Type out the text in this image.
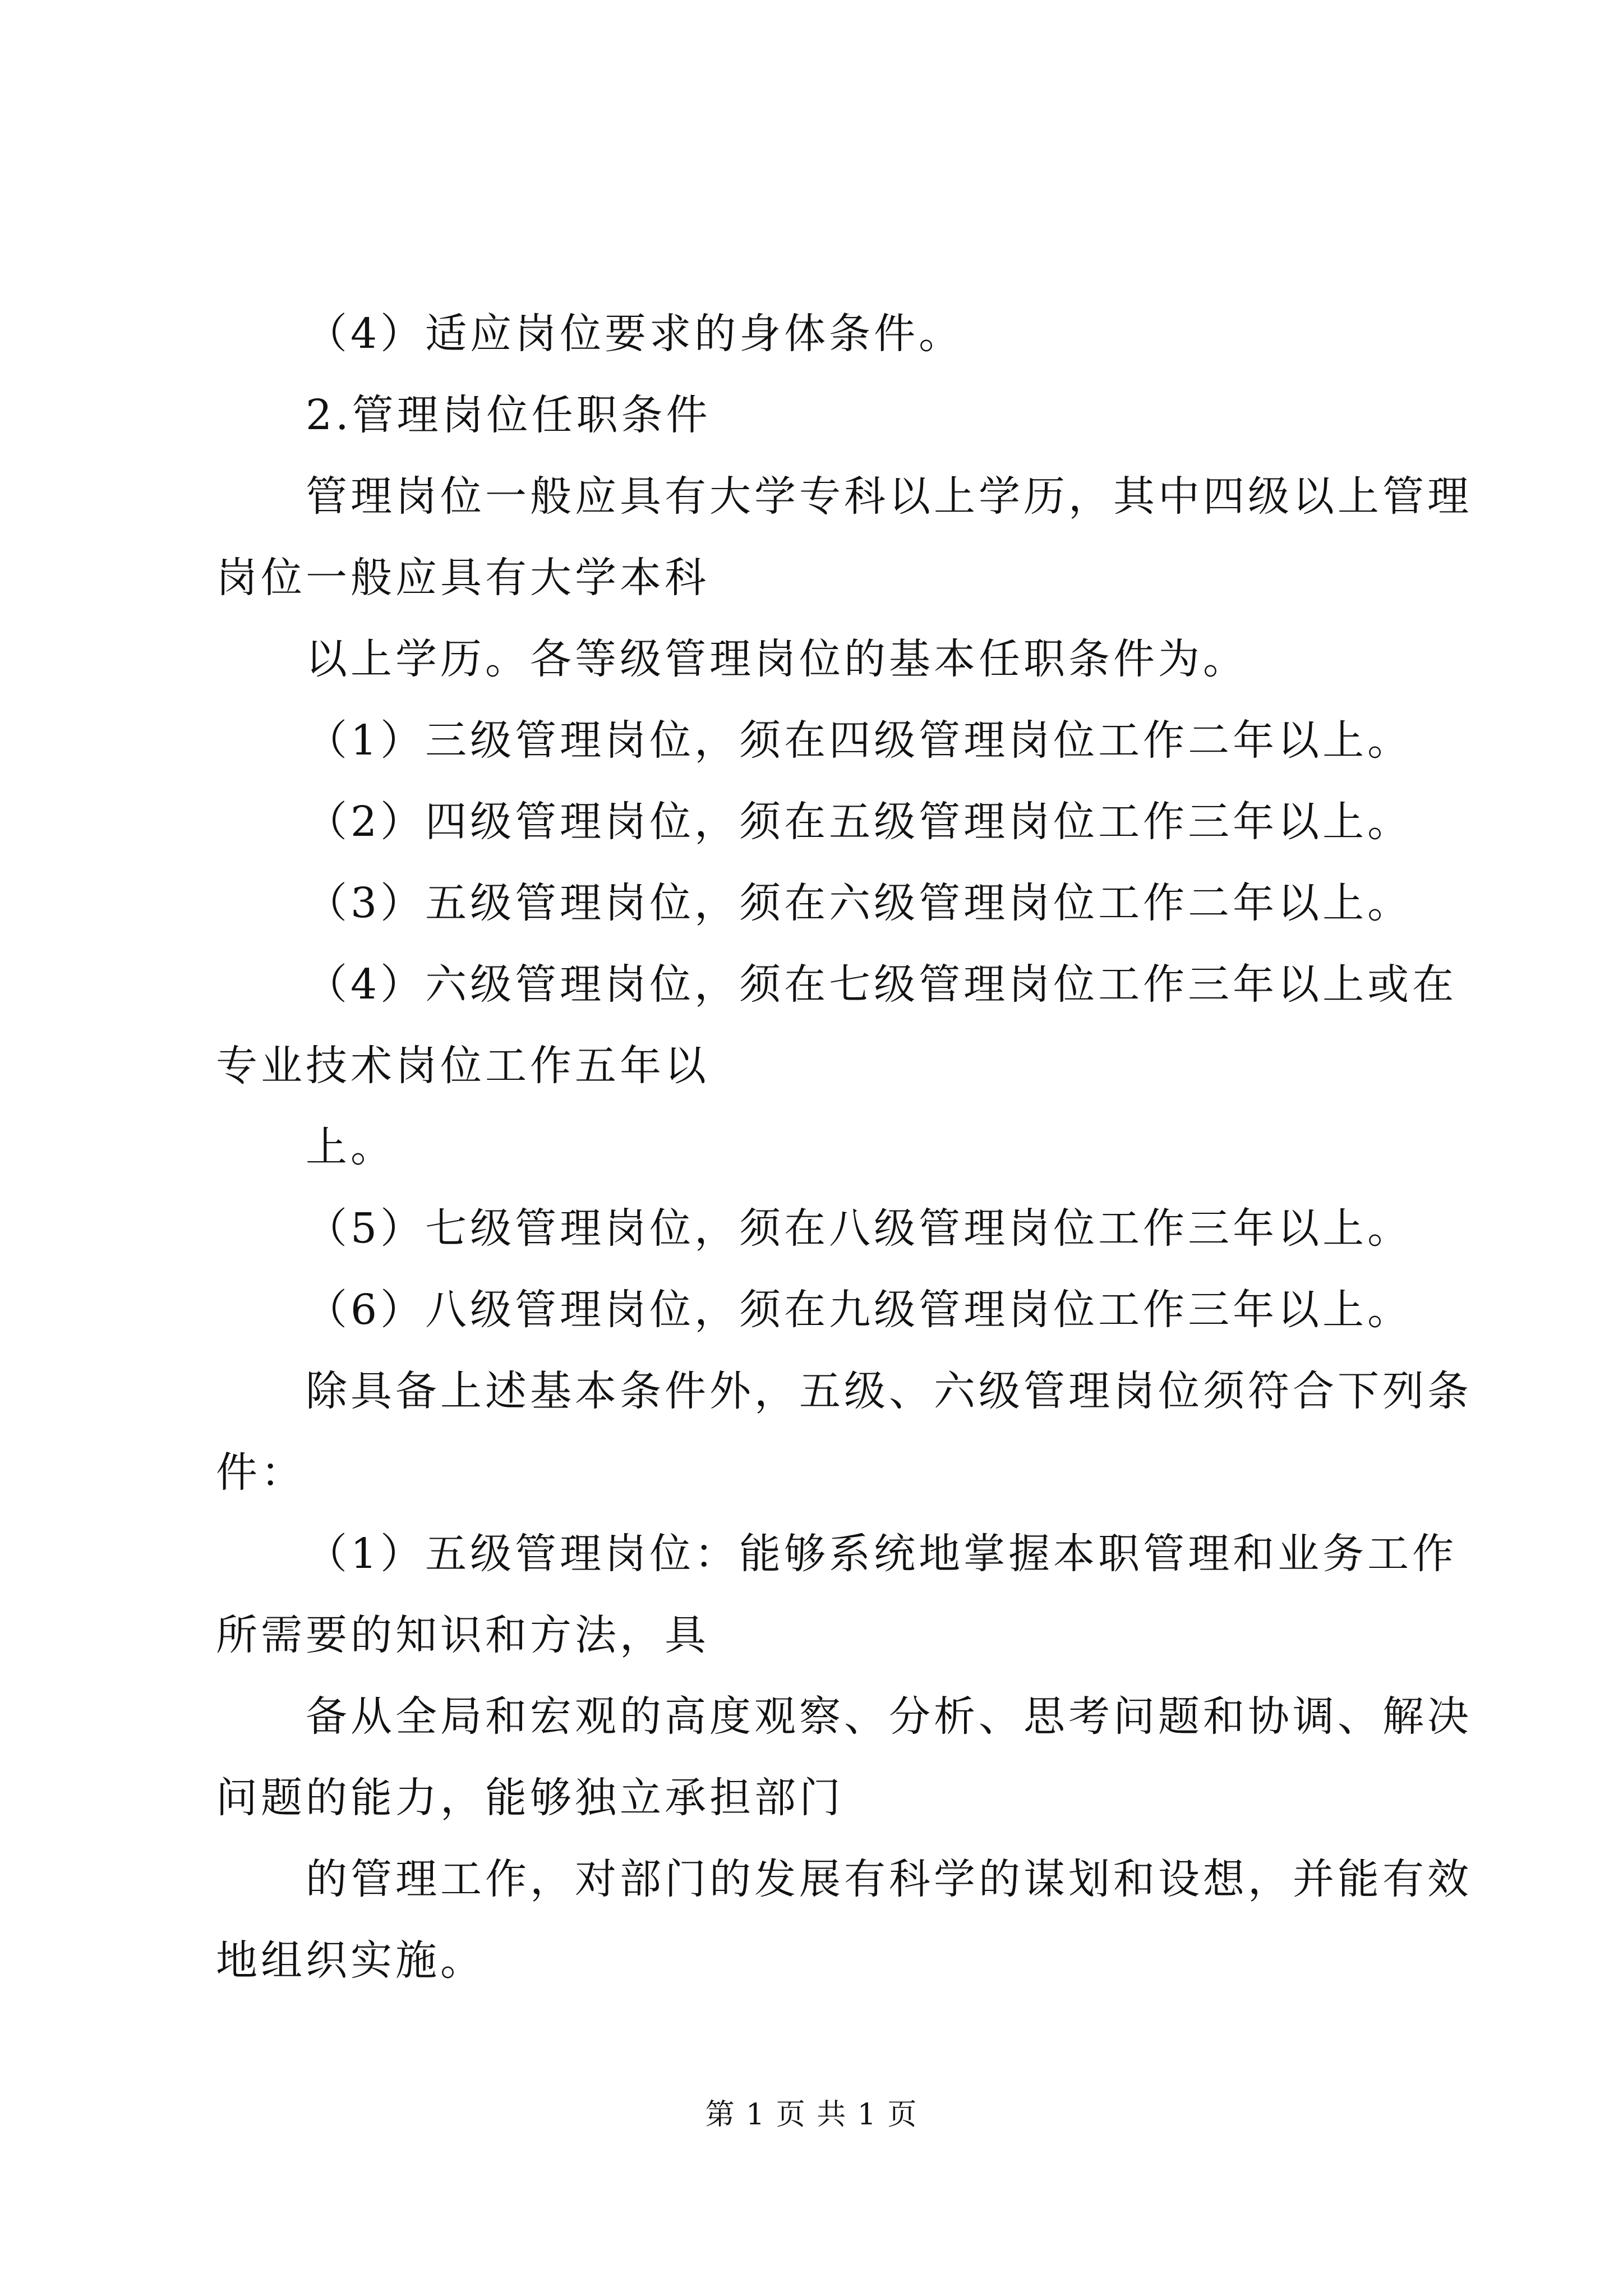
（4）适应岗位要求的身体条件。
2.管理岗位任职条件
管理岗位一般应具有大学专科以上学历，其中四级以上管理
岗位一般应具有大学本科
以上学历。各等级管理岗位的基本任职条件为。
（1）三级管理岗位，须在四级管理岗位工作二年以上。
（2）四级管理岗位，须在五级管理岗位工作三年以上。
（3）五级管理岗位，须在六级管理岗位工作二年以上。
（4）六级管理岗位，须在七级管理岗位工作三年以上或在
专业技术岗位工作五年以
上。
（5）七级管理岗位，须在八级管理岗位工作三年以上。
（6）八级管理岗位，须在九级管理岗位工作三年以上。
除具备上述基本条件外，五级、六级管理岗位须符合下列条
件：
（1）五级管理岗位：能够系统地掌握本职管理和业务工作
所需要的知识和方法，具
备从全局和宏观的高度观察、分析、思考问题和协调、解决
问题的能力，能够独立承担部门
的管理工作，对部门的发展有科学的谋划和设想，并能有效
地组织实施。
第 1 页 共 1 页
